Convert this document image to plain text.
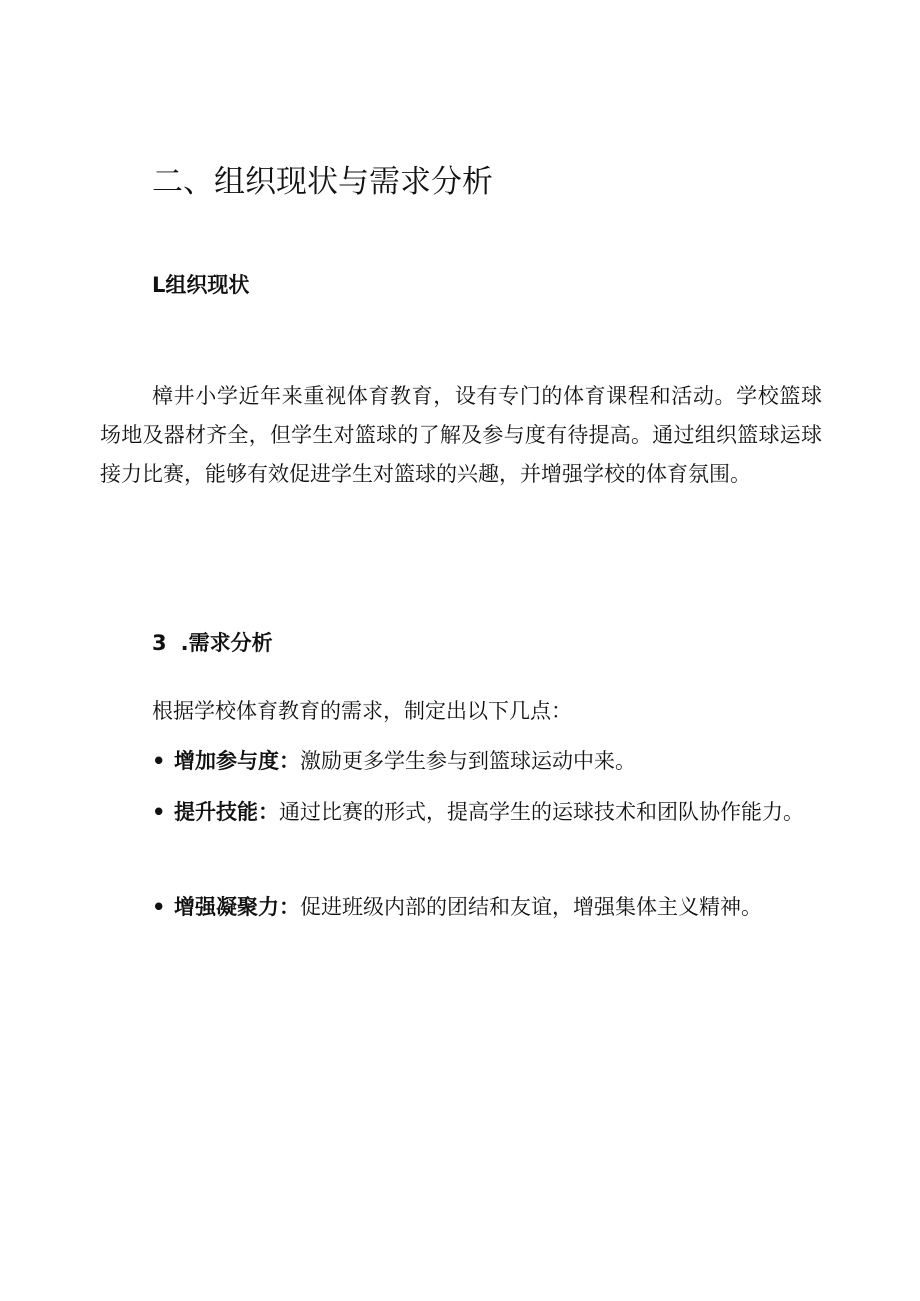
二、组织现状与需求分析
L组织现状

樟井小学近年来重视体育教育，设有专门的体育课程和活动。学校篮球场地及器材齐全，但学生对篮球的了解及参与度有待提高。通过组织篮球运球接力比赛，能够有效促进学生对篮球的兴趣，并增强学校的体育氛围。

3 .需求分析
根据学校体育教育的需求，制定出以下几点：

• 增加参与度：激励更多学生参与到篮球运动中来。

• 提升技能：通过比赛的形式，提高学生的运球技术和团队协作能力。

• 增强凝聚力：促进班级内部的团结和友谊，增强集体主义精神。
